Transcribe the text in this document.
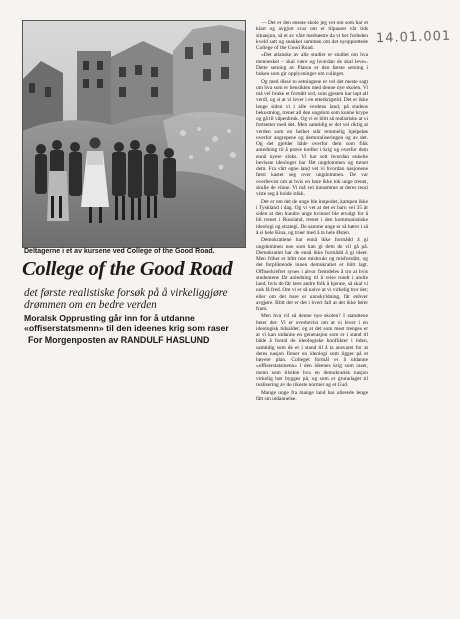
14.01.001
Deltagerne i et av kursene ved College of the Good Road.
College of the Good Road
det første realistiske forsøk på å virkeliggjøre drømmen om en bedre verden
Moralsk Opprusting går inn for å utdanne «offiserstatsmenn» til den ideenes krig som raser
For Morgenposten av RANDULF HASLUND

— Det er den eneste skole jeg vet om som har et klart og avgjort svar om er tilpasset vår tids situasjon, så et av våre medsøstre da vi her forleden kveld satt og snakket sammen om det nyopprettede College of the Good Road.

«Det atlanske av alle studier er studiet om hva mennesket – skal være og hvordan de skal leve». Dette setning av Platon er den første setning i boken som gir opplysninger om colleget.

Og med disse to setningene er vel det meste sagt om hva som er hensikten med denne nye skolen. Vi må vel bruke et forstått ord, som gjesten har tapt all verdi, og si at vi lever i en etterkrigstid. Det er ikke lenge siden vi i alle verdens land, på stadens bekostning, trenet all den ungdom som kunne krype og gå til våpenbruk. Og vi er blitt så realistiske at vi fortsetter med det. Men samtidig er det vel riktig at verden som en helhet står temmelig hjelpeløs overfor angrepene og demoraliseringen og av det. Og det gjelder både overfor dem som fikk anledning til å prøve krefter i krig og overfor dem ennå nyere sloks. Vi har sett hvordan enkelte bevisste ideologer har fått ungdommen og trenet dem. Fra vårt egne land vet vi hvordan nasjonene først kastet seg over ungdommen. De var overbevist om at hvis en bare ikke tok unge trenet, skulle de vinne. Vi må vel innrømme at deres teori viste seg å holde stikk.

Det er om det de unge ble innpodet, kampen ikke i Tyskland i dag. Og vi vet at det er barn vel 35 år siden at den hundre unge kvinner ble utvalgt for å bli trenet i Russland, trenet i den kommunistiske ideologi og strategi. De samme unge er så hører i så å si hele Kina, og truer med å ta hele Østen.

Demokratiene har ennå ikke formådd å gi ungdommen noe som kan gi dem de vil gå på. Demokratiet har de ennå ikke formådd å gi ideer. Men frihet er blitt noe misbrukt og misforstått, og det forpliktende innen demokratiet er blitt lagt. Offiserkrefter synes i alvor fremdeles å tro at hvis studentene får anledning til å reise rundt i andre land, hvis de får lære andre folk å kjenne, så skal vi nok få fred. Om vi er så naive at vi virkelig tror det; eller om det bare er unnskyldning, får enhver avgjøre. Blitt det er det i hvert fall at det ikke fører fram.

Men hva vil så denne nye skolen? I statuttene heter det: Vi er overbevist om at vi lever i en ideologisk tidsalder, og at det som mest trenges er at vi kan utdanne en generasjon som er i stand til både å forstå de ideologiske konflikter i tiden, samtidig som de er i stand til å ta ansvaret for at deres nasjon finner en ideologi som ligger på et høyere plan. Colleget formål er å utdanne «offiserstatsmenn» i den ideenes krig som raser, menn som tilsikte hva en demokratisk nasjon virkelig bør bygges på, og som er grunnlaget til realisering av de rikeste normer og et Gud.

Mange unge fra mange land har allerede lenge fått sin utdannelse.
